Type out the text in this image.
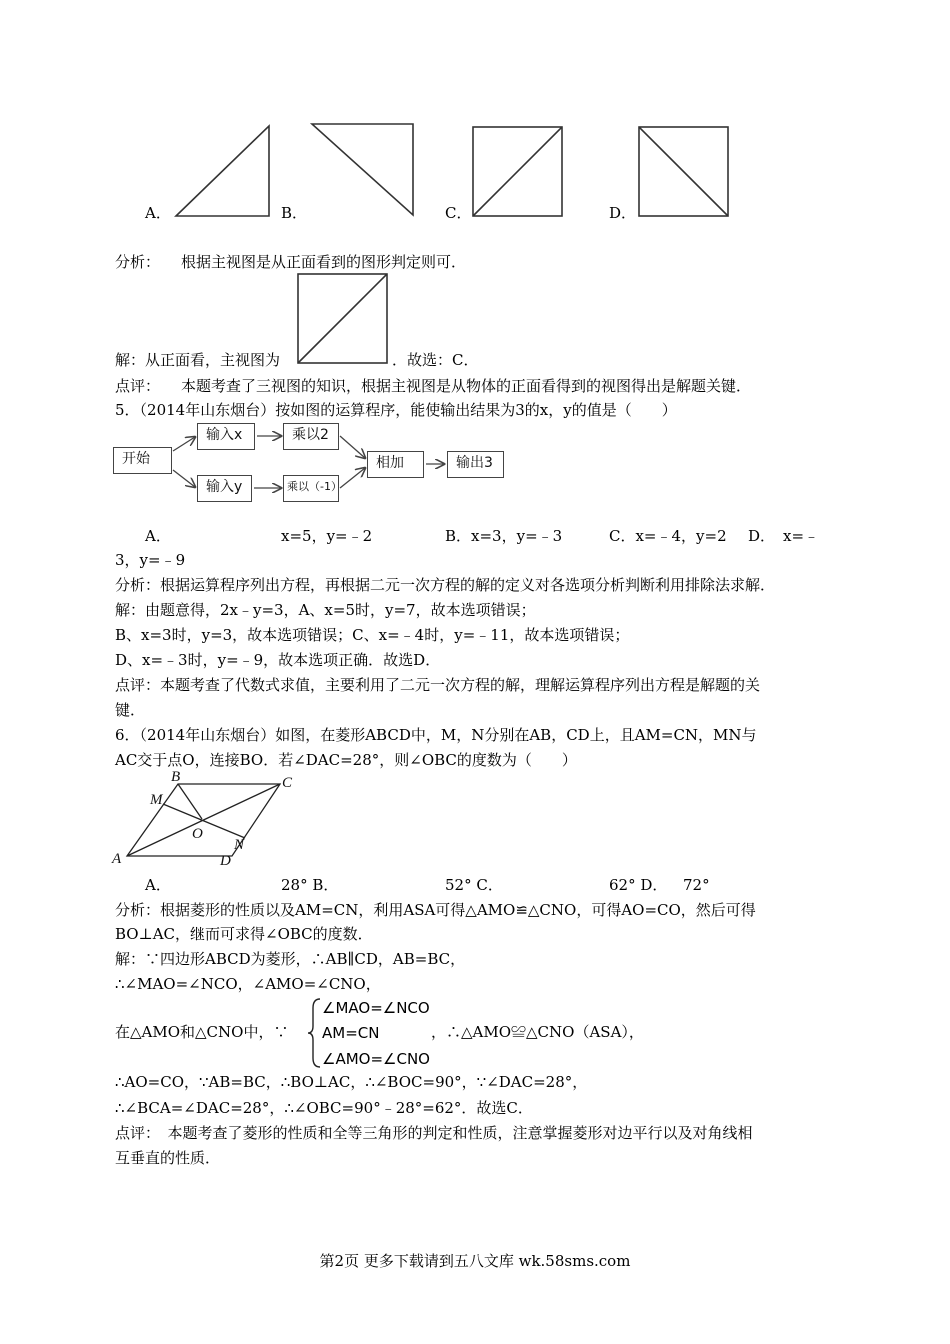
A．	B．	C．	D．
分析： 根据主视图是从正面看到的图形判定则可．
解：从正面看，主视图为	．故选：C．
点评： 本题考查了三视图的知识，根据主视图是从物体的正面看得到的视图得出是解题关键．
5．（2014年山东烟台）按如图的运算程序，能使输出结果为3的x，y的值是（　　）
开始
输入x	乘以2
输入y	乘以（-1）
相加	输出3
A．	x=5，y=﹣2	B．x=3，y=﹣3	C．x=﹣4，y=2 D． x=﹣
3，y=﹣9
分析：根据运算程序列出方程，再根据二元一次方程的解的定义对各选项分析判断利用排除法求解．
解：由题意得，2x﹣y=3，A、x=5时，y=7，故本选项错误；
B、x=3时，y=3，故本选项错误；C、x=﹣4时，y=﹣11，故本选项错误；
D、x=﹣3时，y=﹣9，故本选项正确．故选D．
点评：本题考查了代数式求值，主要利用了二元一次方程的解，理解运算程序列出方程是解题的关
键．
6．（2014年山东烟台）如图，在菱形ABCD中，M，N分别在AB，CD上，且AM=CN，MN与
AC交于点O，连接BO．若∠DAC=28°，则∠OBC的度数为（　　）
A
B	C
D
M
N
O
A．	28° B．	52° C．	62° D． 72°
分析：根据菱形的性质以及AM=CN，利用ASA可得△AMO≌△CNO，可得AO=CO，然后可得
BO⊥AC，继而可求得∠OBC的度数．
解：∵四边形ABCD为菱形，∴AB∥CD，AB=BC，
∴∠MAO=∠NCO，∠AMO=∠CNO，
在△AMO和△CNO中，∵
∠MAO=∠NCO
AM=CN
∠AMO=∠CNO
，∴△AMO≌△CNO（ASA），
∴AO=CO，∵AB=BC，∴BO⊥AC，∴∠BOC=90°，∵∠DAC=28°，
∴∠BCA=∠DAC=28°，∴∠OBC=90°﹣28°=62°．故选C．
点评：　本题考查了菱形的性质和全等三角形的判定和性质，注意掌握菱形对边平行以及对角线相
互垂直的性质．
第2页 更多下载请到五八文库 wk.58sms.com
